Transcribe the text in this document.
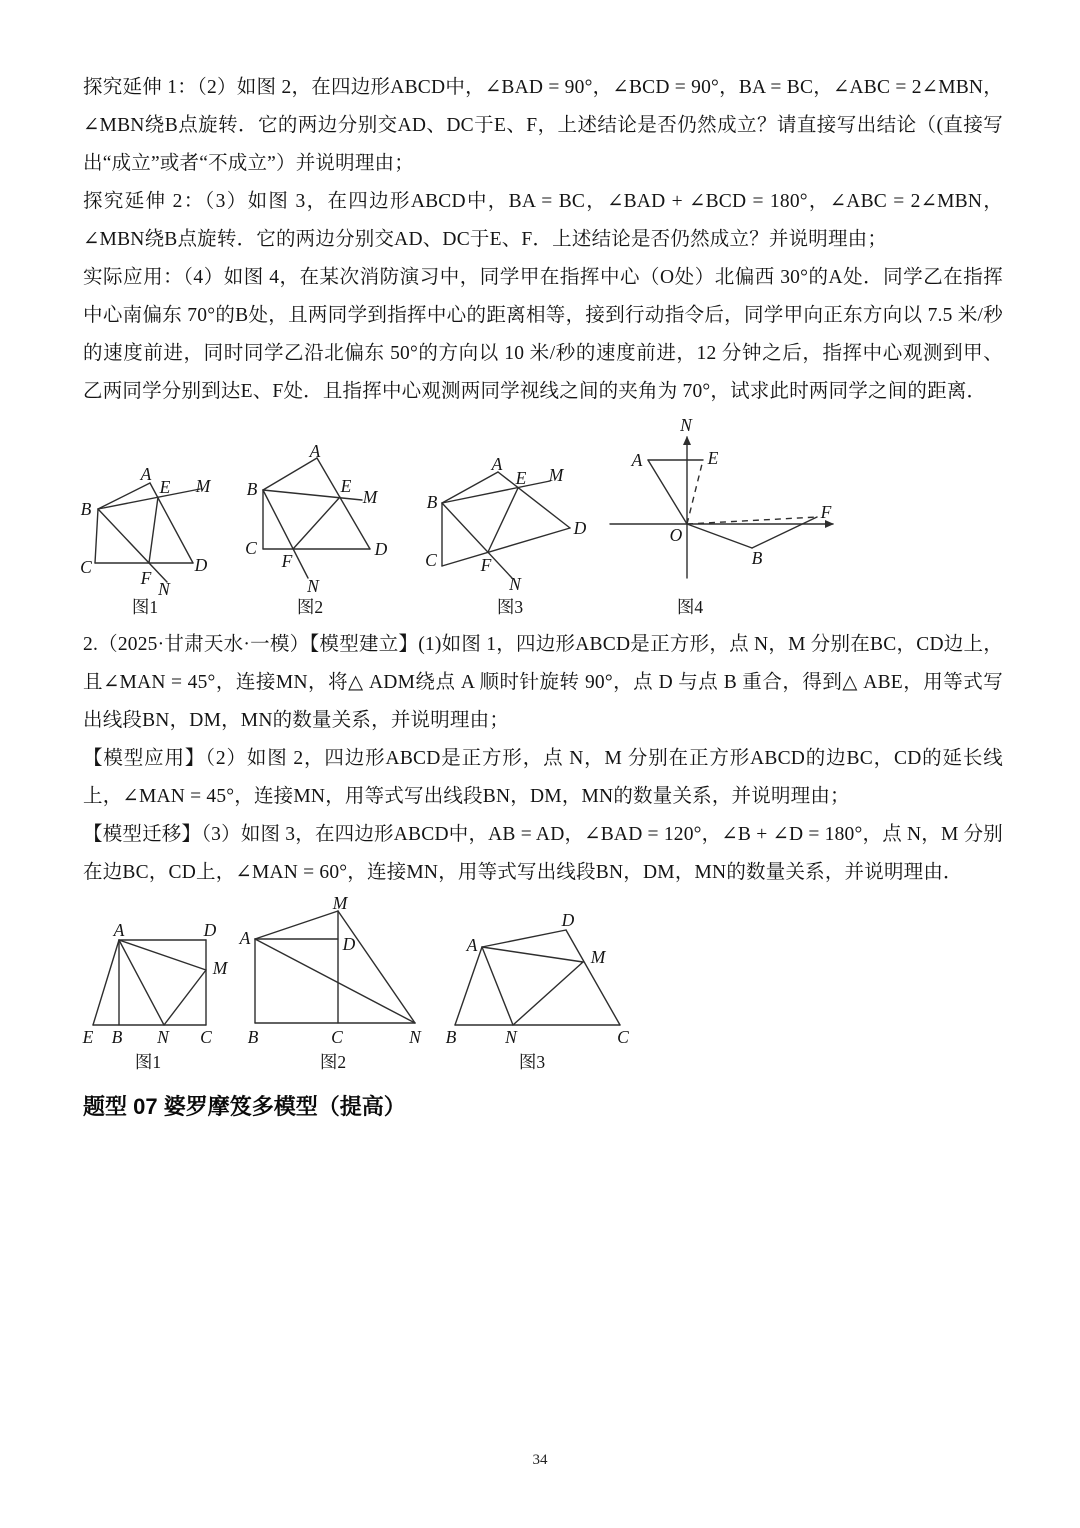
探究延伸 1：（2）如图 2，在四边形ABCD中，∠BAD = 90°，∠BCD = 90°，BA = BC，∠ABC = 2∠MBN，∠MBN绕B点旋转．它的两边分别交AD、DC于E、F，上述结论是否仍然成立？请直接写出结论（(直接写出“成立”或者“不成立”）并说明理由；

探究延伸 2：（3）如图 3，在四边形ABCD中，BA = BC，∠BAD + ∠BCD = 180°，∠ABC = 2∠MBN，∠MBN绕B点旋转．它的两边分别交AD、DC于E、F．上述结论是否仍然成立？并说明理由；

实际应用：（4）如图 4，在某次消防演习中，同学甲在指挥中心（O处）北偏西 30°的A处．同学乙在指挥中心南偏东 70°的B处，且两同学到指挥中心的距离相等，接到行动指令后，同学甲向正东方向以 7.5 米/秒的速度前进，同时同学乙沿北偏东 50°的方向以 10 米/秒的速度前进，12 分钟之后，指挥中心观测到甲、乙两同学分别到达E、F处．且指挥中心观测两同学视线之间的夹角为 70°，试求此时两同学之间的距离．

A
B
C	D
E
F
M
N
图1
A
B
C	D
E
F
M
N
图2
A
B
C
D
E
F
M
N
图3
N
A	E
O
B
F
图4

2.（2025·甘肃天水·一模）【模型建立】(1)如图 1，四边形ABCD是正方形，点 N，M 分别在BC，CD边上，且∠MAN = 45°，连接MN，将△ ADM绕点 A 顺时针旋转 90°，点 D 与点 B 重合，得到△ ABE，用等式写出线段BN，DM，MN的数量关系，并说明理由；

【模型应用】（2）如图 2，四边形ABCD是正方形，点 N，M 分别在正方形ABCD的边BC，CD的延长线上，∠MAN = 45°，连接MN，用等式写出线段BN，DM，MN的数量关系，并说明理由；

【模型迁移】（3）如图 3，在四边形ABCD中，AB = AD，∠BAD = 120°，∠B + ∠D = 180°，点 N，M 分别在边BC，CD上，∠MAN = 60°，连接MN，用等式写出线段BN，DM，MN的数量关系，并说明理由．

A	D
M
E B N C
图1
M
A	D
B	C	N
图2
D
A
M
B	N	C
图3
题型 07 婆罗摩笈多模型（提高）
34
